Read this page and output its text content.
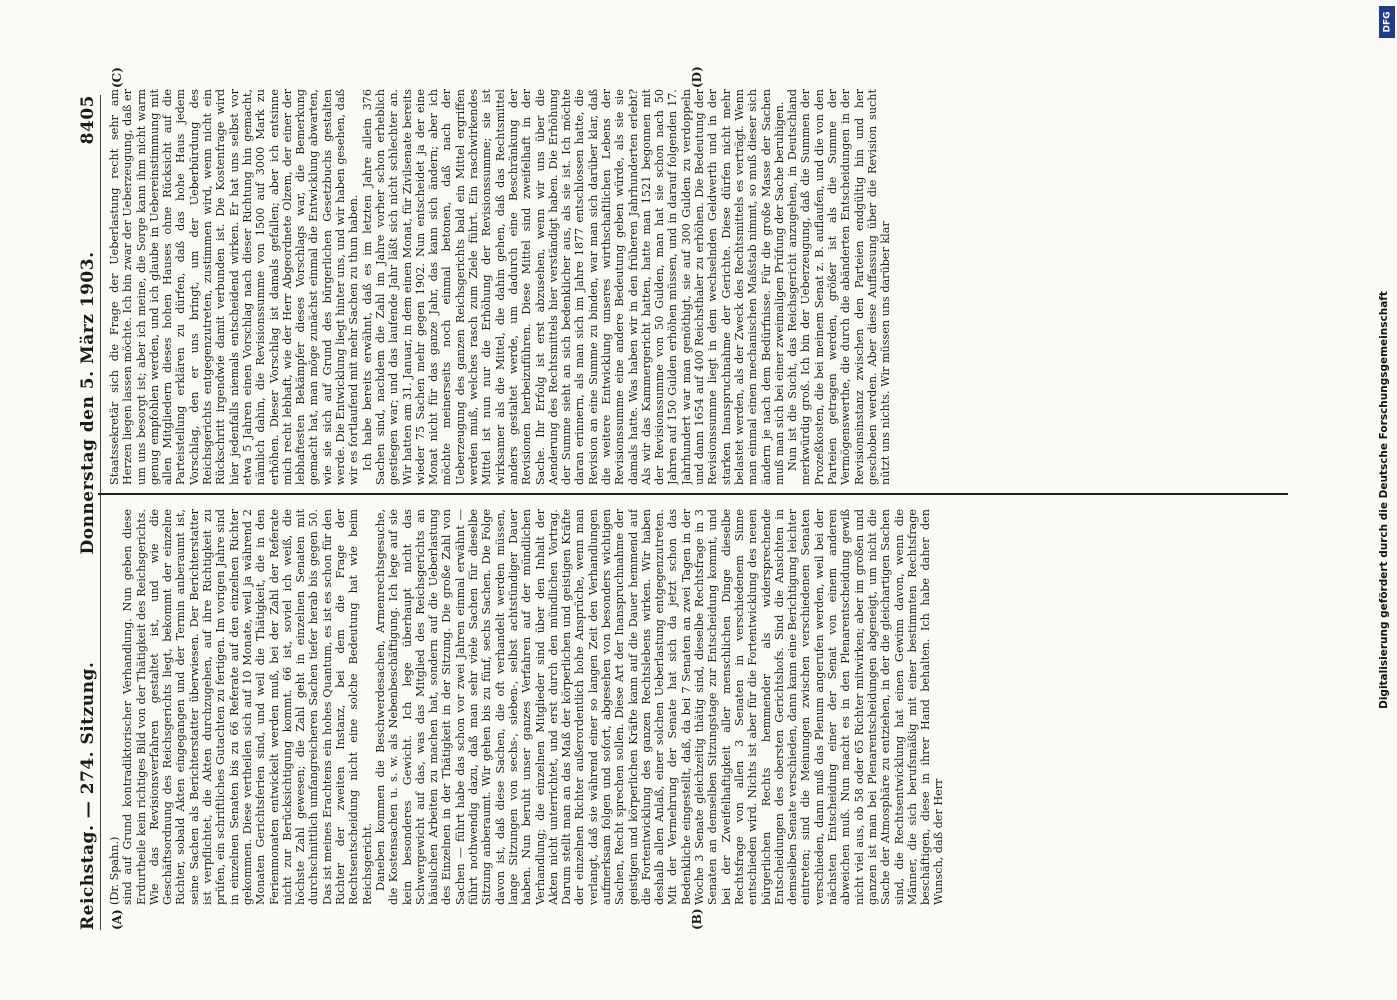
Reichstag. — 274. Sitzung.
Donnerstag den 5. März 1903.
8405
(A)	(B)
(C)	(D)

(Dr. Spahn.) sind auf Grund kontradiktorischer Verhandlung. Nun geben diese Erdurtheile kein richtiges Bild von der Thätigkeit des Reichsgerichts. Wie das Revisionsverfahren gestaltet ist, und wie die Geschäftsordnung des Reichsgerichts liegt, bekommt der einzelne Richter, sobald Akten eingegangen und der Termin anberaumt ist, seine Sachen als Berichterstatter überwiesen. Der Berichterstatter ist verpflichtet, die Akten durchzugehen, auf ihre Richtigkeit zu prüfen, ein schriftliches Gutachten zu fertigen. Im vorigen Jahre sind in einzelnen Senaten bis zu 66 Referate auf den einzelnen Richter gekommen. Diese vertheilen sich auf 10 Monate, weil ja während 2 Monaten Gerichtsferien sind, und weil die Thätigkeit, die in den Ferienmonaten entwickelt werden muß, bei der Zahl der Referate nicht zur Berücksichtigung kommt. 66 ist, soviel ich weiß, die höchste Zahl gewesen; die Zahl geht in einzelnen Senaten mit durchschnittlich umfangreicheren Sachen tiefer herab bis gegen 50. Das ist meines Erachtens ein hohes Quantum, es ist es schon für den Richter der zweiten Instanz, bei dem die Frage der Rechtsentscheidung nicht eine solche Bedeutung hat wie beim Reichsgericht. Daneben kommen die Beschwerdesachen, Armenrechtsgesuche, die Kostensachen u. s. w. als Nebenbeschäftigung. Ich lege auf sie kein besonderes Gewicht. Ich lege überhaupt nicht das Schwergewicht auf das, was das Mitglied des Reichsgerichts an häuslichen Arbeiten zu machen hat, sondern auf die Ueberlastung des Einzelnen in der Thätigkeit in der Sitzung. Die große Zahl von Sachen — führt habe das schon vor zwei Jahren einmal erwähnt — führt nothwendig dazu, daß man sehr viele Sachen für dieselbe Sitzung anberaumt. Wir gehen bis zu fünf, sechs Sachen. Die Folge davon ist, daß diese Sachen, die oft verhandelt werden müssen, lange Sitzungen von sechs-, sieben-, selbst achtstündiger Dauer haben. Nun beruht unser ganzes Verfahren auf der mündlichen Verhandlung; die einzelnen Mitglieder sind über den Inhalt der Akten nicht unterrichtet, und erst durch den mündlichen Vortrag. Darum stellt man an das Maß der körperlichen und geistigen Kräfte der einzelnen Richter außerordentlich hohe Ansprüche, wenn man verlangt, daß sie während einer so langen Zeit den Verhandlungen aufmerksam folgen und sofort, abgesehen von besonders wichtigen Sachen, Recht sprechen sollen. Diese Art der Inanspruchnahme der geistigen und körperlichen Kräfte kann auf die Dauer hemmend auf die Fortentwicklung des ganzen Rechtslebens wirken. Wir haben deshalb allen Anlaß, einer solchen Ueberlastung entgegenzutreten. Mit der Vermehrung der Senate hat sich da jetzt schon das Bedenkliche eingestellt, daß, da bei 7 Senaten an zwei Tagen in der Woche 3 Senate gleichzeitig thätig sind, dieselbe Rechtsfrage in 3 Senaten an demselben Sitzungstage zur Entscheidung kommt, und bei der Zweifelhaftigkeit aller menschlichen Dinge dieselbe Rechtsfrage von allen 3 Senaten in verschiedenem Sinne entschieden wird. Nichts ist aber für die Fortentwicklung des neuen bürgerlichen Rechts hemmender als widersprechende Entscheidungen des obersten Gerichtshofs. Sind die Ansichten in demselben Senate verschieden, dann kann eine Berichtigung leichter eintreten; sind die Meinungen zwischen verschiedenen Senaten verschieden, dann muß das Plenum angerufen werden, weil bei der nächsten Entscheidung einer der Senat von einem anderen abweichen muß. Nun macht es in den Plenarentscheidung gewiß nicht viel aus, ob 58 oder 65 Richter mitwirken; aber im großen und ganzen ist man bei Plenarentscheidungen abgeneigt, um nicht die Sache der Atmosphäre zu entziehen, in der die gleichartigen Sachen sind, die Rechtsentwicklung hat einen Gewinn davon, wenn die Männer, die sich berufsmäßig mit einer bestimmten Rechtsfrage beschäftigen, diese in ihrer Hand behalten. Ich habe daher den Wunsch, daß der Herr

Staatssekretär sich die Frage der Ueberlastung recht sehr am Herzen liegen lassen möchte. Ich bin zwar der Ueberzeugung, daß er um uns besorgt ist; aber ich meine, die Sorge kann ihm nicht warm genug empfohlen werden, und ich glaube in Uebereinstimmung mit allen Mitgliedern dieses hohen Hauses ohne Rücksicht auf die Parteistellung erklären zu dürfen, daß das hohe Haus jedem Vorschlag, den er uns bringt, um der Ueberbürdung des Reichsgerichts entgegenzutreten, zustimmen wird, wenn nicht ein Rückschritt irgendwie damit verbunden ist. Die Kostenfrage wird hier jedenfalls niemals entscheidend wirken. Er hat uns selbst vor etwa 5 Jahren einen Vorschlag nach dieser Richtung hin gemacht, nämlich dahin, die Revisionssumme von 1500 auf 3000 Mark zu erhöhen. Dieser Vorschlag ist damals gefallen; aber ich entsinne mich recht lebhaft, wie der Herr Abgeordnete Olzem, der einer der lebhaftesten Bekämpfer dieses Vorschlags war, die Bemerkung gemacht hat, man möge zunächst einmal die Entwicklung abwarten, wie sie sich auf Grund des bürgerlichen Gesetzbuchs gestalten werde. Die Entwicklung liegt hinter uns, und wir haben gesehen, daß wir es fortlaufend mit mehr Sachen zu thun haben. Ich habe bereits erwähnt, daß es im letzten Jahre allein 376 Sachen sind, nachdem die Zahl im Jahre vorher schon erheblich gestiegen war; und das laufende Jahr läßt sich nicht schlechter an. Wir hatten am 31. Januar, in dem einen Monat, für Zivilsenate bereits wieder 75 Sachen mehr gegen 1902. Nun entscheidet ja der eine Monat nicht für das ganze Jahr, das kann sich ändern; aber ich möchte meinerseits noch einmal betonen, daß nach der Ueberzeugung des ganzen Reichsgerichts bald ein Mittel ergriffen werden muß, welches rasch zum Ziele führt. Ein raschwirkendes Mittel ist nun nur die Erhöhung der Revisionssumme; sie ist wirksamer als die Mittel, die dahin gehen, daß das Rechtsmittel anders gestaltet werde, um dadurch eine Beschränkung der Revisionen herbeizuführen. Diese Mittel sind zweifelhaft in der Sache. Ihr Erfolg ist erst abzusehen, wenn wir uns über die Aenderung des Rechtsmittels hier verständigt haben. Die Erhöhung der Summe sieht an sich bedenklicher aus, als sie ist. Ich möchte daran erinnern, als man sich im Jahre 1877 entschlossen hatte, die Revision an eine Summe zu binden, war man sich darüber klar, daß die weitere Entwicklung unseres wirthschaftlichen Lebens der Revisionssumme eine andere Bedeutung geben würde, als sie sie damals hatte. Was haben wir in den früheren Jahrhunderten erlebt? Als wir das Kammergericht hatten, hatte man 1521 begonnen mit der Revisionssumme von 50 Gulden, man hat sie schon nach 50 Jahren auf 150 Gulden erhöhen müssen, und in darauf folgenden 17. Jahrhundert war man genöthigt, sie auf 300 Gulden zu verdoppeln und dann 1654 auf 400 Reichsthaler zu erhöhen. Die Bedeutung der Revisionssumme liegt in dem wechselnden Geldwerth und in der starken Inanspruchnahme der Gerichte. Diese dürfen nicht mehr belastet werden, als der Zweck des Rechtsmittels es verträgt. Wenn man einmal einen mechanischen Maßstab nimmt, so muß dieser sich ändern je nach dem Bedürfnisse. Für die große Masse der Sachen muß man sich bei einer zweimaligen Prüfung der Sache beruhigen. Nun ist die Sucht, das Reichsgericht anzugehen, in Deutschland merkwürdig groß. Ich bin der Ueberzeugung, daß die Summen der Prozeßkosten, die bei meinem Senat z. B. auflaufen, und die von den Parteien getragen werden, größer ist als die Summe der Vermögenswerthe, die durch die abänderten Entscheidungen in der Revisionsinstanz zwischen den Parteien endgültig hin und her geschoben werden. Aber diese Auffassung über die Revision sucht nützt uns nichts. Wir müssen uns darüber klar

DFG
Digitalisierung gefördert durch die Deutsche Forschungsgemeinschaft
